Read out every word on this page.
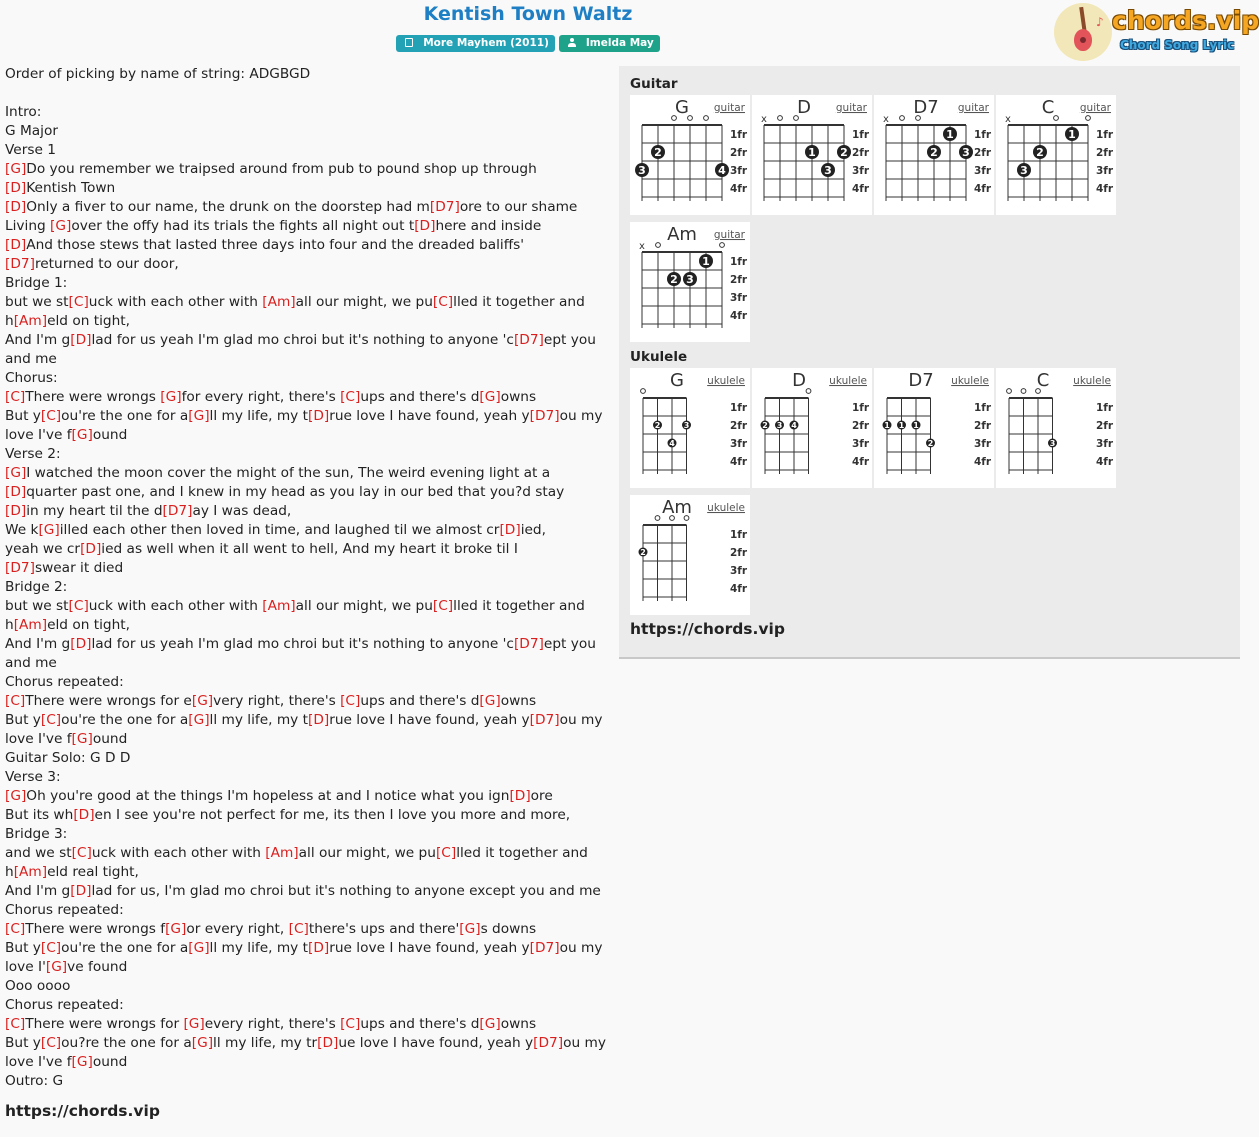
Kentish Town Waltz
More Mayhem (2011)	Imelda May
♪ chords.vip
Chord Song Lyric
Order of picking by name of string: ADGBGD
Intro:
G Major
Verse 1
[G]Do you remember we traipsed around from pub to pound shop up through [D]Kentish Town
[D]Only a fiver to our name, the drunk on the doorstep had m[D7]ore to our shame
Living [G]over the offy had its trials the fights all night out t[D]here and inside
[D]And those stews that lasted three days into four and the dreaded baliffs'
[D7]returned to our door,
Bridge 1:
but we st[C]uck with each other with [Am]all our might, we pu[C]lled it together and h[Am]eld on tight,
And I'm g[D]lad for us yeah I'm glad mo chroi but it's nothing to anyone 'c[D7]ept you and me
Chorus:
[C]There were wrongs [G]for every right, there's [C]ups and there's d[G]owns
But y[C]ou're the one for a[G]ll my life, my t[D]rue love I have found, yeah y[D7]ou my love I've f[G]ound
Verse 2:
[G]I watched the moon cover the might of the sun, The weird evening light at a
[D]quarter past one, and I knew in my head as you lay in our bed that you?d stay
[D]in my heart til the d[D7]ay I was dead,
We k[G]illed each other then loved in time, and laughed til we almost cr[D]ied,
yeah we cr[D]ied as well when it all went to hell, And my heart it broke til I
[D7]swear it died
Bridge 2:
but we st[C]uck with each other with [Am]all our might, we pu[C]lled it together and h[Am]eld on tight,
And I'm g[D]lad for us yeah I'm glad mo chroi but it's nothing to anyone 'c[D7]ept you and me
Chorus repeated:
[C]There were wrongs for e[G]very right, there's [C]ups and there's d[G]owns
But y[C]ou're the one for a[G]ll my life, my t[D]rue love I have found, yeah y[D7]ou my love I've f[G]ound
Guitar Solo: G D D
Verse 3:
[G]Oh you're good at the things I'm hopeless at and I notice what you ign[D]ore
But its wh[D]en I see you're not perfect for me, its then I love you more and more,
Bridge 3:
and we st[C]uck with each other with [Am]all our might, we pu[C]lled it together and h[Am]eld real tight,
And I'm g[D]lad for us, I'm glad mo chroi but it's nothing to anyone except you and me
Chorus repeated:
[C]There were wrongs f[G]or every right, [C]there's ups and there'[G]s downs
But y[C]ou're the one for a[G]ll my life, my t[D]rue love I have found, yeah y[D7]ou my love I'[G]ve found
Ooo oooo
Chorus repeated:
[C]There were wrongs for [G]every right, there's [C]ups and there's d[G]owns
But y[C]ou?re the one for a[G]ll my life, my tr[D]ue love I have found, yeah y[D7]ou my love I've f[G]ound
Outro: G
https://chords.vip
Guitar
Ukulele
https://chords.vip
G guitar
1fr
2fr
3fr
4fr
3
2
4
D guitar
x
1fr
2fr
3fr
4fr
1
3
2
D7 guitar
x
1fr
2fr
3fr
4fr
2
1
3
C guitar
x
1fr
2fr
3fr
4fr
3
2
1
Am guitar
x
1fr
2fr
3fr
4fr
2 3
1
G ukulele
1fr
2fr
3fr
4fr
2
4
3
D ukulele
1fr
2fr
3fr
4fr
2 3 4
D7 ukulele
1fr
2fr
3fr
4fr
1 1 1
2
C ukulele
1fr
2fr
3fr
4fr
3
Am ukulele
1fr
2fr
3fr
4fr
2
